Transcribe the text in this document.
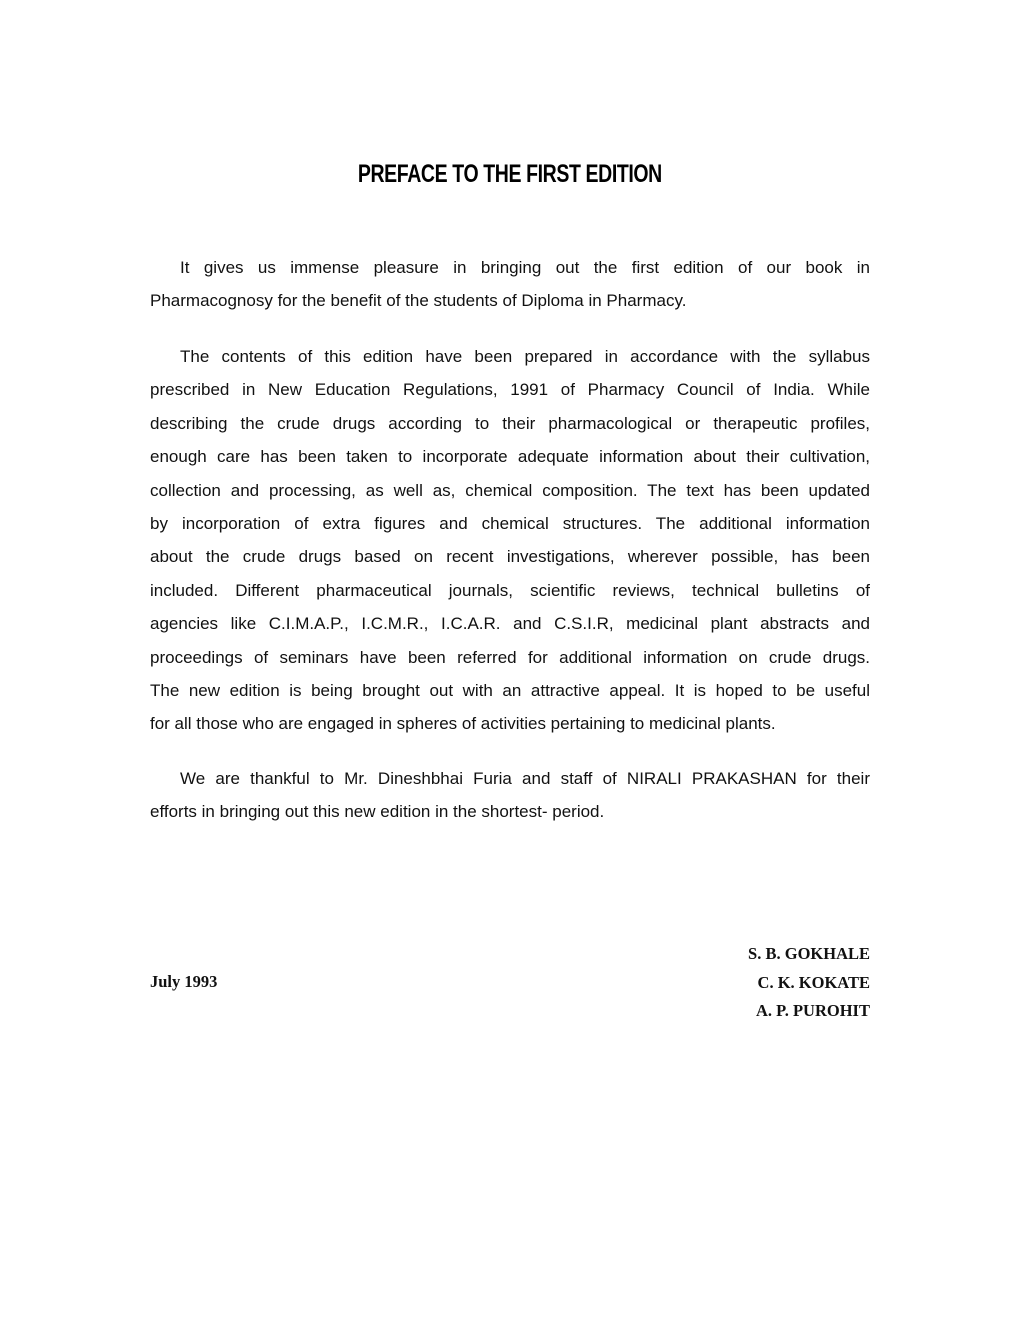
PREFACE TO THE FIRST EDITION
It gives us immense pleasure in bringing out the first edition of our book in
Pharmacognosy for the benefit of the students of Diploma in Pharmacy.
The contents of this edition have been prepared in accordance with the syllabus
prescribed in New Education Regulations, 1991 of Pharmacy Council of India. While
describing the crude drugs according to their pharmacological or therapeutic profiles,
enough care has been taken to incorporate adequate information about their cultivation,
collection and processing, as well as, chemical composition. The text has been updated
by incorporation of extra figures and chemical structures. The additional information
about the crude drugs based on recent investigations, wherever possible, has been
included. Different pharmaceutical journals, scientific reviews, technical bulletins of
agencies like C.I.M.A.P., I.C.M.R., I.C.A.R. and C.S.I.R, medicinal plant abstracts and
proceedings of seminars have been referred for additional information on crude drugs.
The new edition is being brought out with an attractive appeal. It is hoped to be useful
for all those who are engaged in spheres of activities pertaining to medicinal plants.
We are thankful to Mr. Dineshbhai Furia and staff of NIRALI PRAKASHAN for their
efforts in bringing out this new edition in the shortest- period.
July 1993
S. B. GOKHALE
C. K. KOKATE
A. P. PUROHIT
